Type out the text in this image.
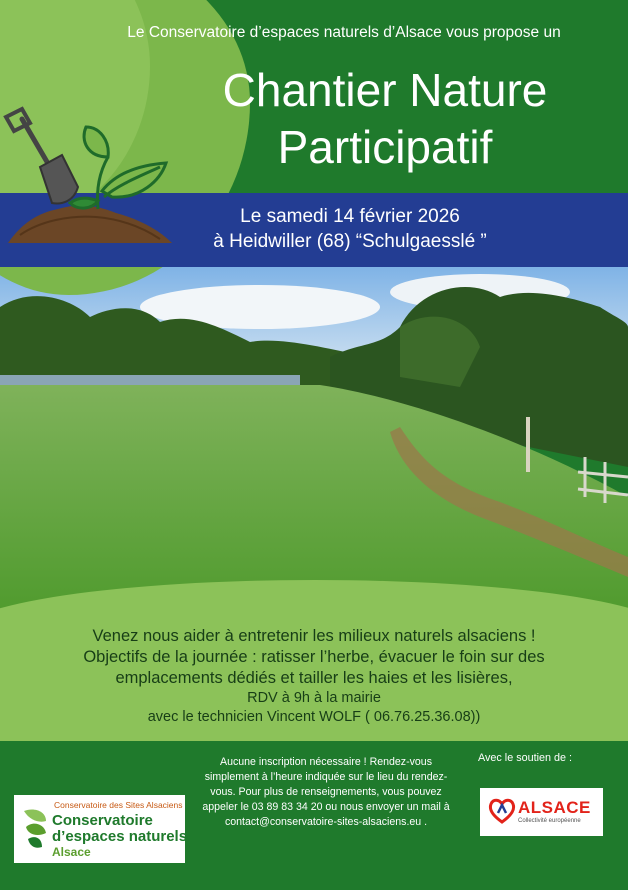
Le Conservatoire d’espaces naturels d’Alsace vous propose un
Chantier Nature
Participatif
Le samedi 14 février 2026
à Heidwiller (68) “Schulgaesslé ”
Venez nous aider à entretenir les milieux naturels alsaciens !
Objectifs de la journée : ratisser l’herbe, évacuer le foin sur des
emplacements dédiés et tailler les haies et les lisières,
RDV à 9h à la mairie
avec le technicien Vincent WOLF ( 06.76.25.36.08))
Aucune inscription nécessaire ! Rendez-vous
simplement à l’heure indiquée sur le lieu du rendez-
vous. Pour plus de renseignements, vous pouvez
appeler le 03 89 83 34 20 ou nous envoyer un mail à
contact@conservatoire-sites-alsaciens.eu .
Avec le soutien de :
Conservatoire des Sites Alsaciens
Conservatoire
d’espaces naturels
Alsace
ALSACE
Collectivité européenne
